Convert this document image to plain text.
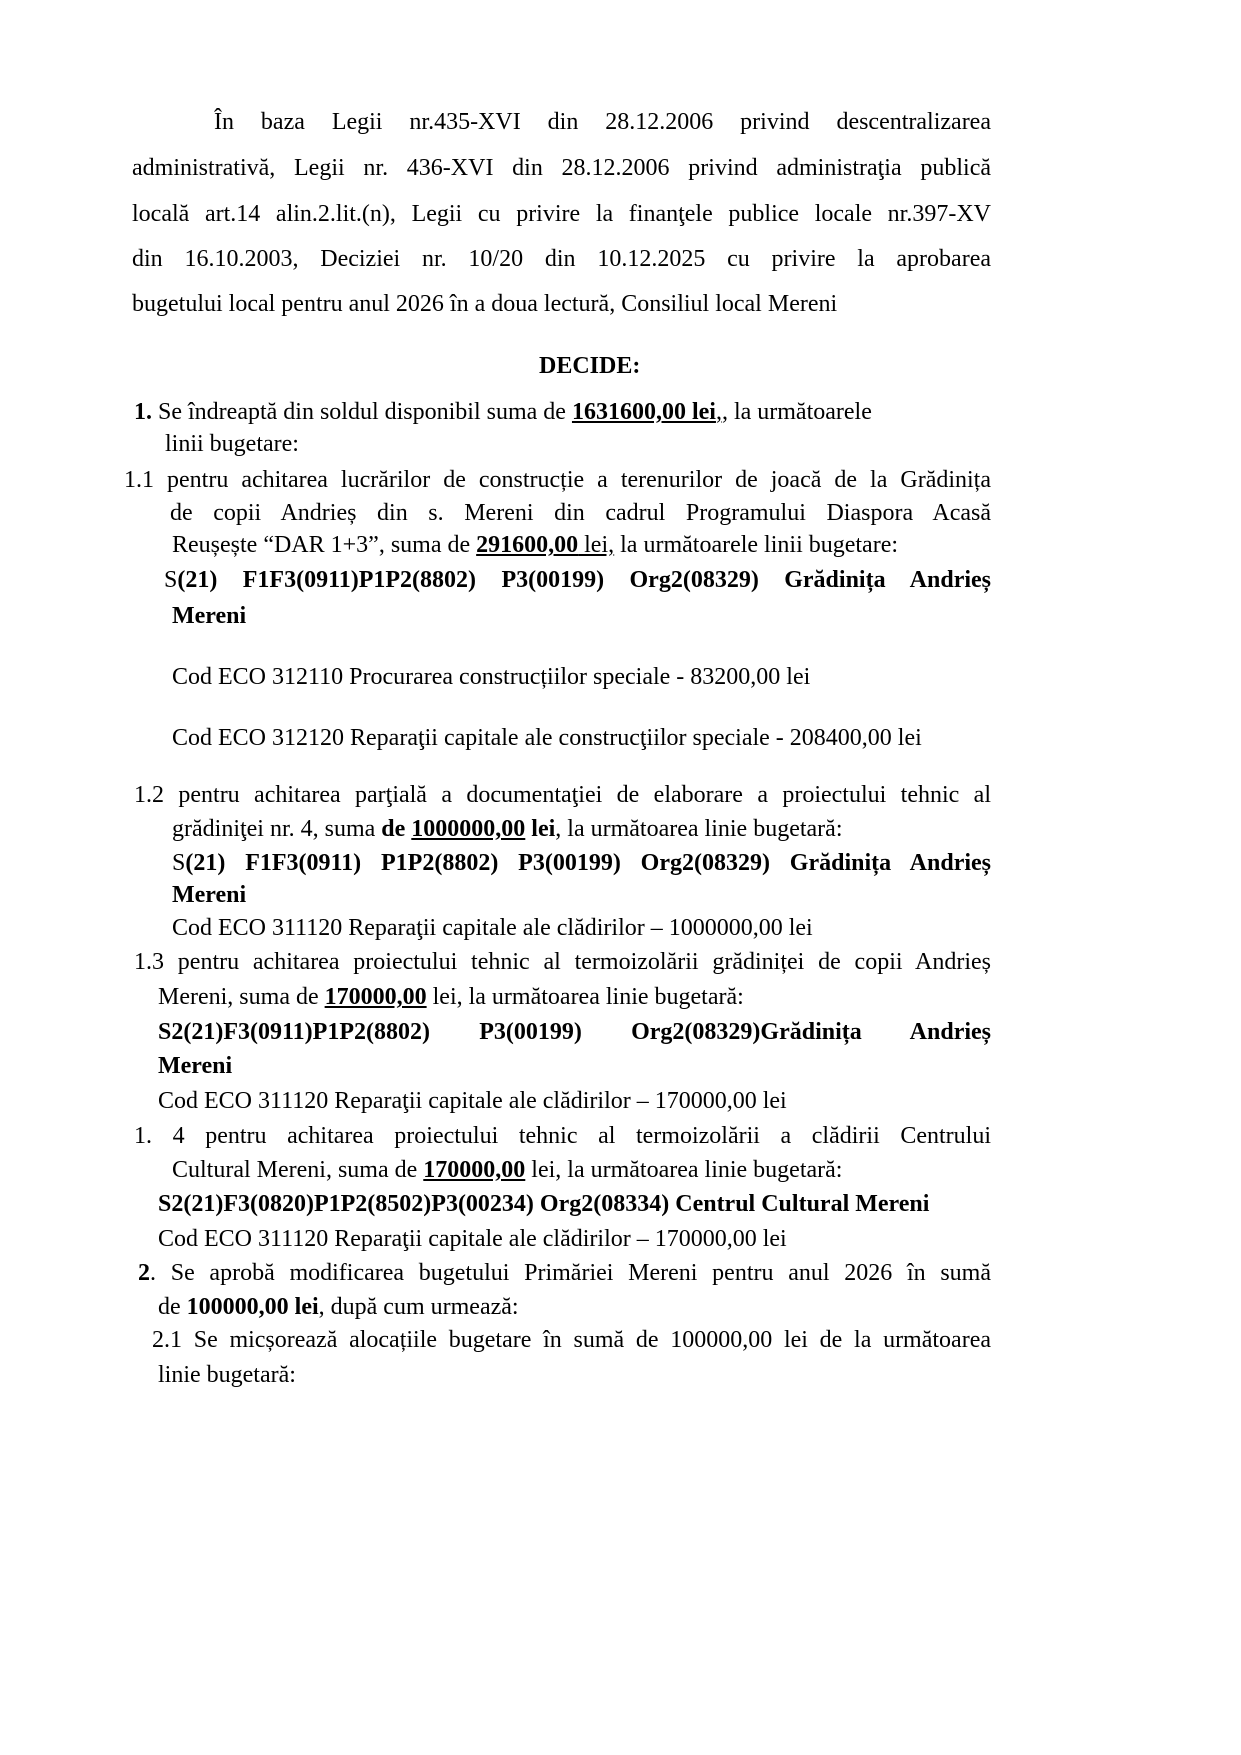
În baza Legii nr.435-XVI din 28.12.2006 privind descentralizarea
administrativă, Legii nr. 436-XVI din 28.12.2006 privind administraţia publică
locală art.14 alin.2.lit.(n), Legii cu privire la finanţele publice locale nr.397-XV
din 16.10.2003, Deciziei nr. 10/20 din 10.12.2025 cu privire la aprobarea
bugetului local pentru anul 2026 în a doua lectură, Consiliul local Mereni
DECIDE:
1. Se îndreaptă din soldul disponibil suma de 1631600,00 lei,, la următoarele
linii bugetare:
1.1 pentru achitarea lucrărilor de construcție a terenurilor de joacă de la Grădinița
de copii Andrieș din s. Mereni din cadrul Programului Diaspora Acasă
Reușește “DAR 1+3”, suma de 291600,00 lei, la următoarele linii bugetare:
S(21) F1F3(0911)P1P2(8802) P3(00199) Org2(08329) Grădinița Andrieș
Mereni
Cod ECO 312110 Procurarea construcțiilor speciale - 83200,00 lei
Cod ECO 312120 Reparaţii capitale ale construcţiilor speciale - 208400,00 lei
1.2 pentru achitarea parţială a documentaţiei de elaborare a proiectului tehnic al
grădiniţei nr. 4, suma de 1000000,00 lei, la următoarea linie bugetară:
S(21) F1F3(0911) P1P2(8802) P3(00199) Org2(08329) Grădinița Andrieș
Mereni
Cod ECO 311120 Reparaţii capitale ale clădirilor – 1000000,00 lei
1.3 pentru achitarea proiectului tehnic al termoizolării grădiniței de copii Andrieș
Mereni, suma de 170000,00 lei, la următoarea linie bugetară:
S2(21)F3(0911)P1P2(8802) P3(00199) Org2(08329)Grădinița Andrieș
Mereni
Cod ECO 311120 Reparaţii capitale ale clădirilor – 170000,00 lei
1. 4 pentru achitarea proiectului tehnic al termoizolării a clădirii Centrului
Cultural Mereni, suma de 170000,00 lei, la următoarea linie bugetară:
S2(21)F3(0820)P1P2(8502)P3(00234) Org2(08334) Centrul Cultural Mereni
Cod ECO 311120 Reparaţii capitale ale clădirilor – 170000,00 lei
2. Se aprobă modificarea bugetului Primăriei Mereni pentru anul 2026 în sumă
de 100000,00 lei, după cum urmează:
2.1 Se micșorează alocațiile bugetare în sumă de 100000,00 lei de la următoarea
linie bugetară:
